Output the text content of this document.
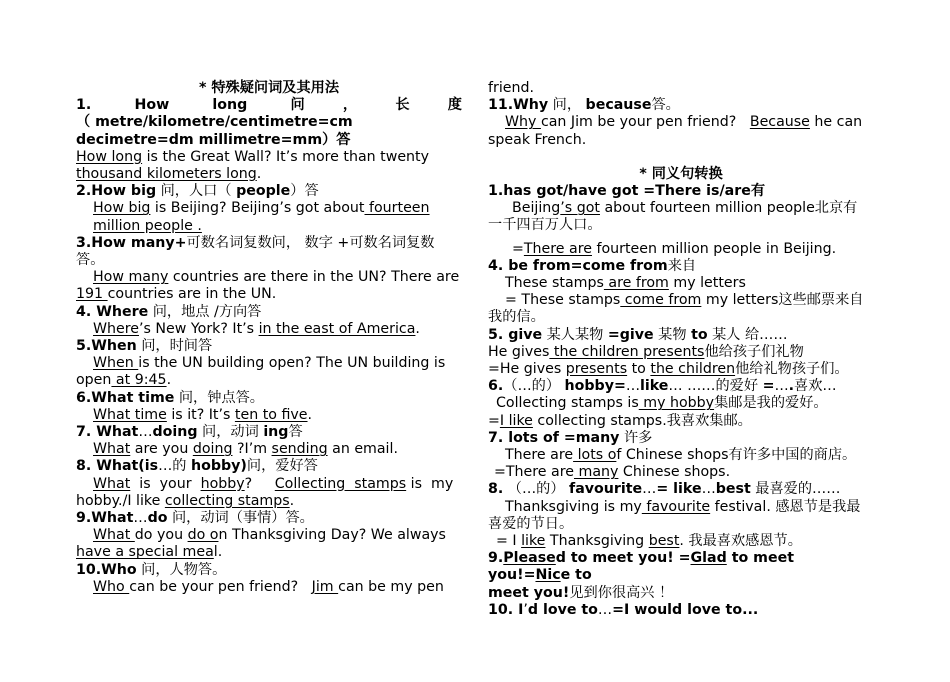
* 特殊疑问词及其用法

1. How long 问，长度

（ metre/kilometre/centimetre=cm decimetre=dm millimetre=mm）答

How long is the Great Wall? It’s more than twenty
thousand kilometers long.

2.How big 问，人口（ people）答

How big is Beijing? Beijing’s got about fourteen million people .

3.How many+可数名词复数问， 数字 +可数名词复数答。

How many countries are there in the UN? There are

191 countries are in the UN.

4. Where 问，地点 /方向答

Where’s New York? It’s in the east of America.

5.When 问，时间答

When is the UN building open? The UN building is

open at 9:45.

6.What time 问，钟点答。

What time is it? It’s ten to five.

7. What…doing 问，动词 ing答

What are you doing ?I’m sending an email.

8. What(is…的 hobby)问，爱好答

What  is  your  hobby?     Collecting  stamps is  my

hobby./I like collecting stamps.

9.What…do 问，动词（事情）答。

What do you do on Thanksgiving Day? We always

have a special meal.

10.Who 问，人物答。

Who can be your pen friend?   Jim can be my pen

friend.

11.Why 问， because答。

Why can Jim be your pen friend?   Because he can

speak French.

* 同义句转换

1.has got/have got =There is/are有

Beijing’s got about fourteen million people北京有

一千四百万人口。

=There are fourteen million people in Beijing.

4. be from=come from来自

These stamps are from my letters

= These stamps come from my letters这些邮票来自

我的信。

5. give 某人某物 =give 某物 to 某人 给……

He gives the children presents他给孩子们礼物

=He gives presents to the children他给礼物孩子们。

6.（…的） hobby=…like… ……的爱好 =….喜欢…

Collecting stamps is my hobby集邮是我的爱好。

=I like collecting stamps.我喜欢集邮。

7. lots of =many 许多

There are lots of Chinese shops有许多中国的商店。

=There are many Chinese shops.

8. （…的） favourite…= like…best 最喜爱的……

Thanksgiving is my favourite festival. 感恩节是我最

喜爱的节日。

= I like Thanksgiving best. 我最喜欢感恩节。

9.Pleased to meet you! =Glad to meet you!=Nice to

meet you!见到你很高兴 ！

10. I’d love to…=I would love to...
